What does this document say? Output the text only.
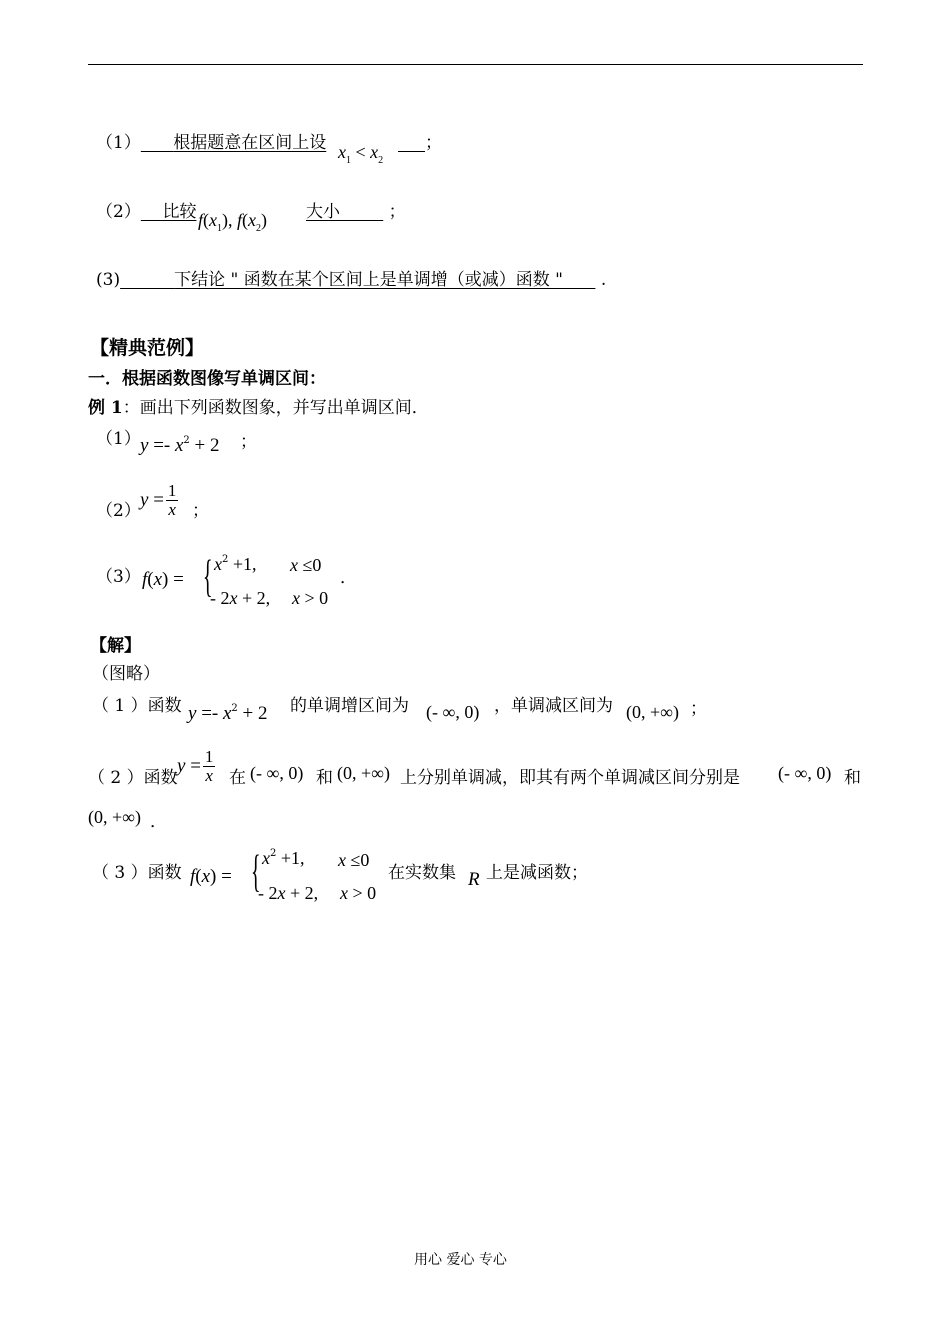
（1） 根据题意在区间上设 $x_1 < x_2$
；
（2） 比较 $f(x_1)$, $f(x_2)$ 大小	；
(3)	下结论 " 函数在某个区间上是单调增（或减）函数 " .
【精典范例】
一．根据函数图像写单调区间：
例 1：画出下列函数图象，并写出单调区间．
（1） $y =- x^2 + 2$ ；
（2）
$y = \frac{1}{x}$ ；
（3） f(x) = { $x^2 +1$, x ≤0
- 2x + 2, x > 0
．
【解】
（图略）
（ 1 ）函数 $y =- x^2 + 2$ 的单调增区间为 (- ∞, 0) ，单调减区间为 (0, +∞) ；
（ 2 ）函数
$y = \frac{1}{x}$ 在 (- ∞, 0) 和 (0, +∞) 上分别单调减，即其有两个单调减区间分别是 (- ∞, 0) 和
(0, +∞) ．
（ 3 ）函数 f(x) = { $x^2 +1$, x ≤0
- 2x + 2, x > 0
在实数集 R 上是减函数；
用心 爱心 专心
